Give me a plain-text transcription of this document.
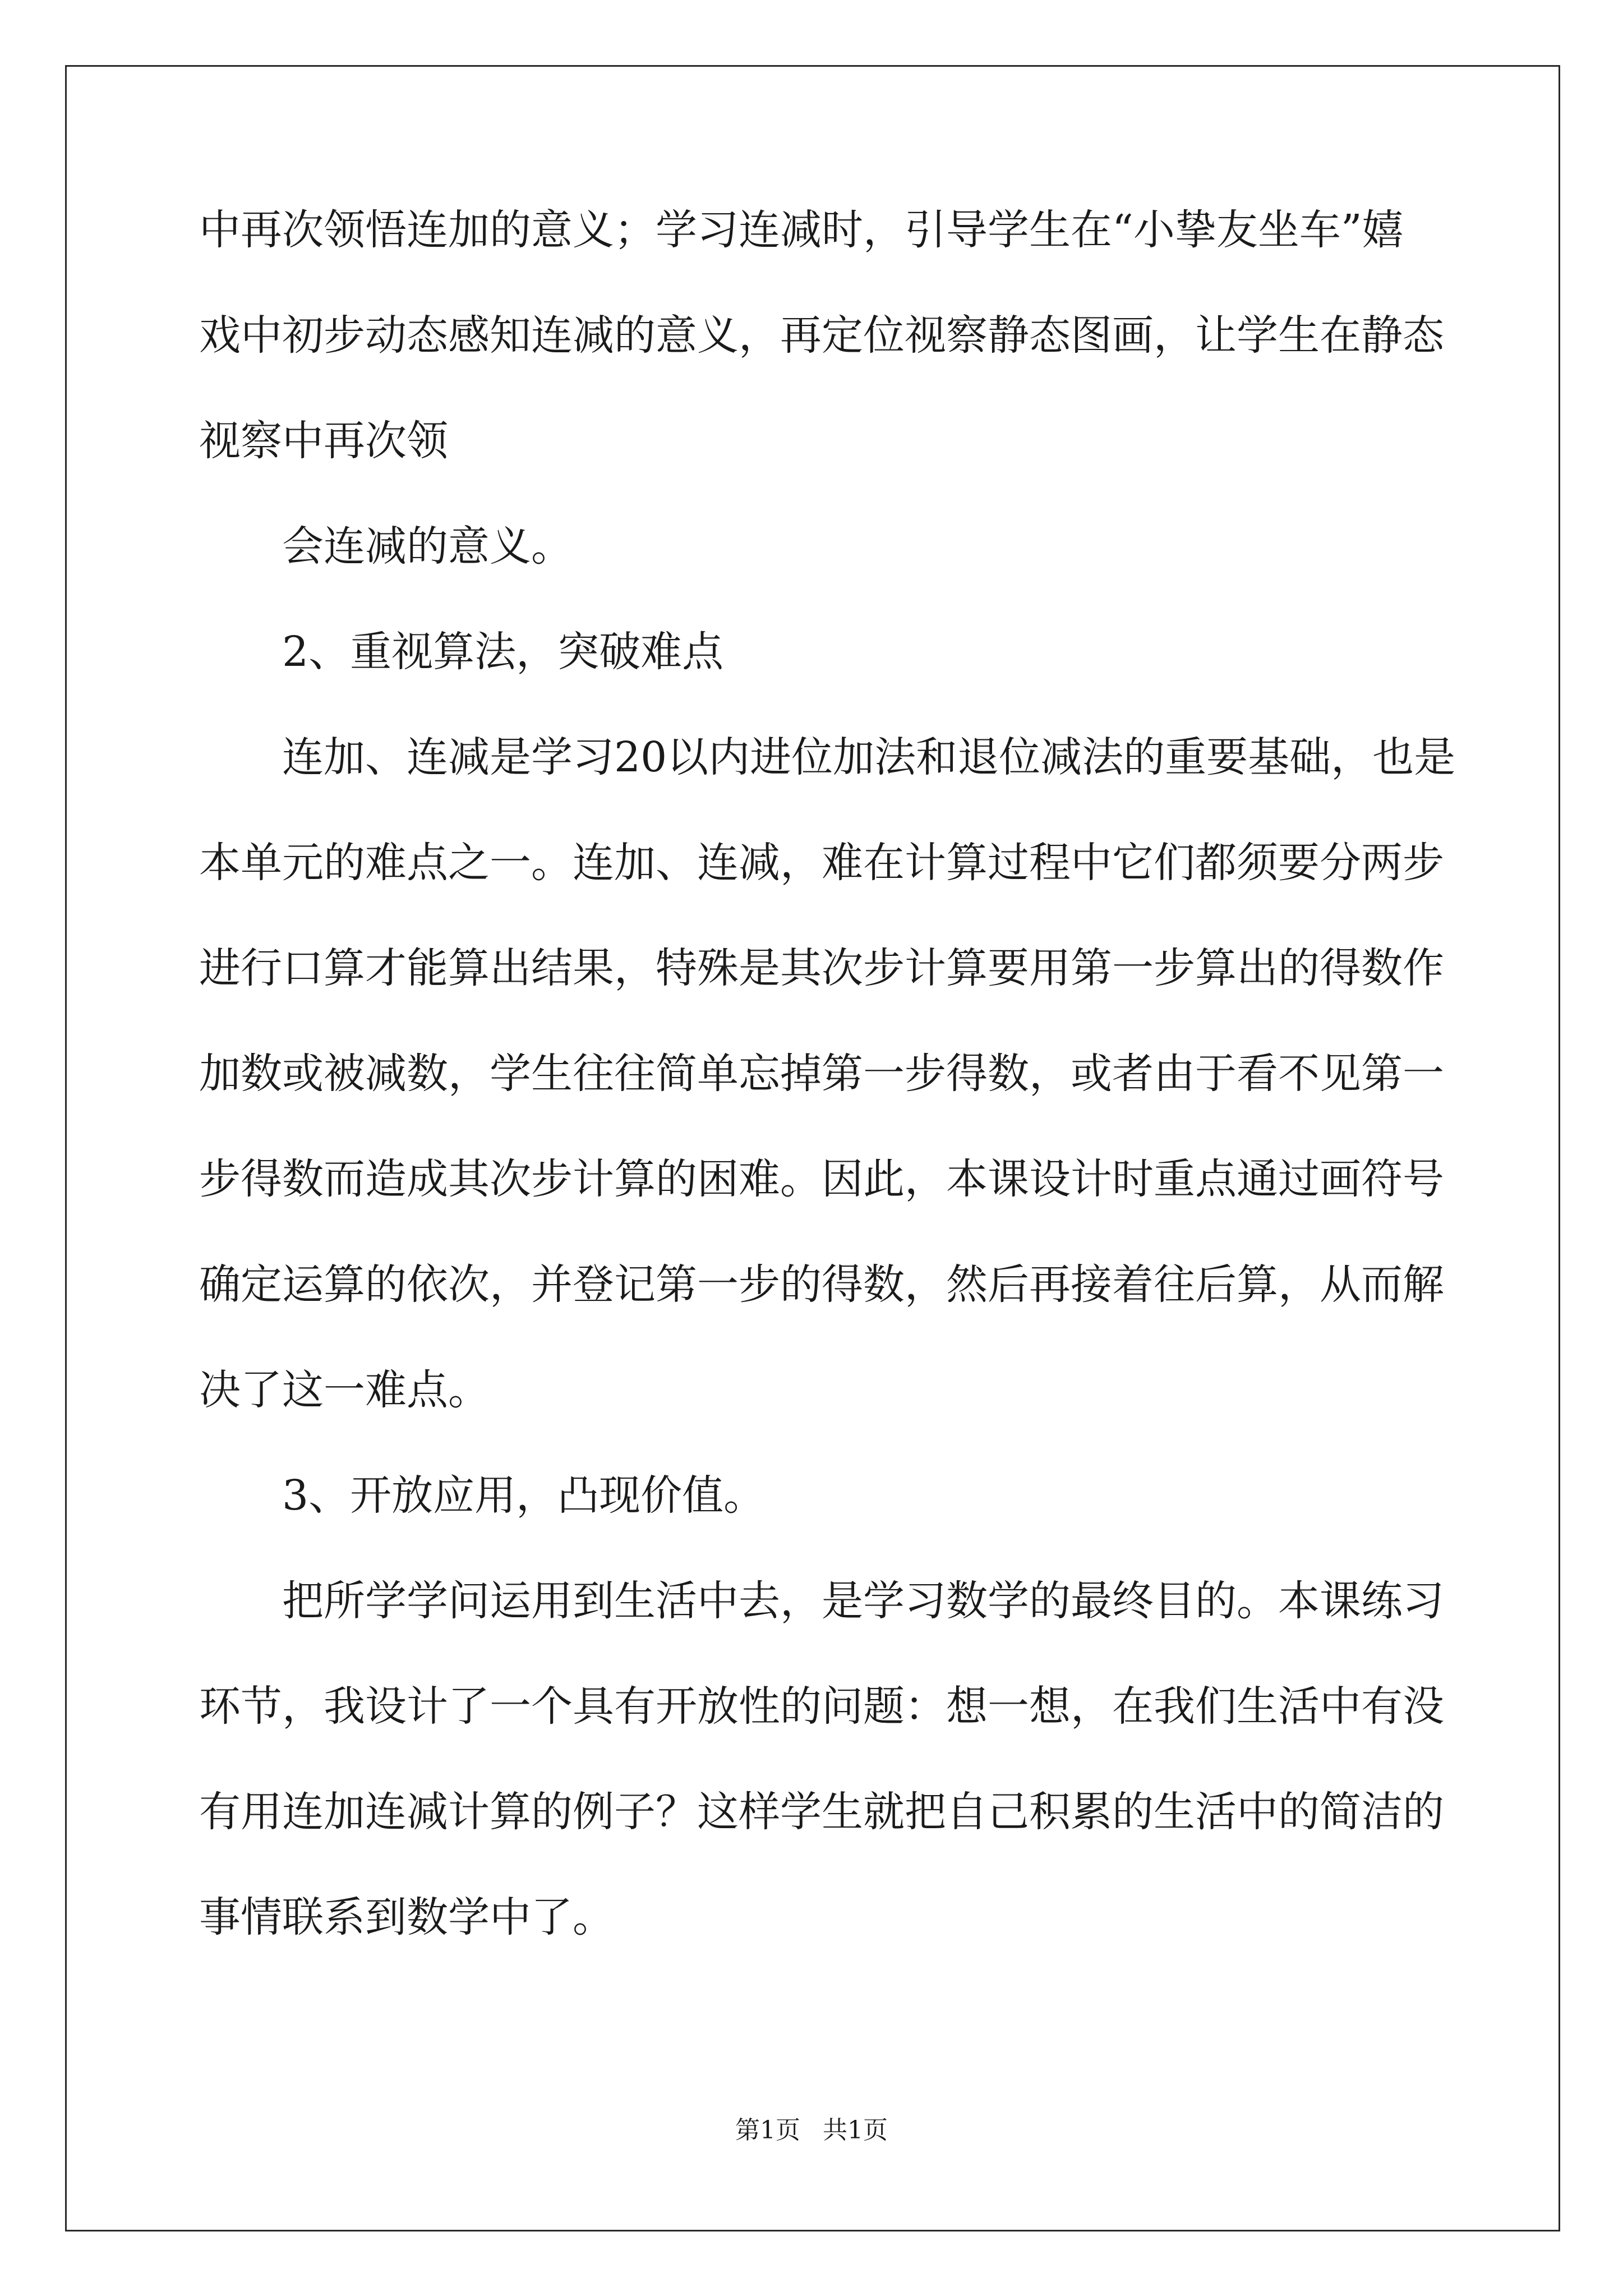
中再次领悟连加的意义；学习连减时，引导学生在“小挚友坐车”嬉
戏中初步动态感知连减的意义，再定位视察静态图画，让学生在静态
视察中再次领
会连减的意义。
2、重视算法，突破难点
连加、连减是学习20以内进位加法和退位减法的重要基础，也是
本单元的难点之一。连加、连减，难在计算过程中它们都须要分两步
进行口算才能算出结果，特殊是其次步计算要用第一步算出的得数作
加数或被减数，学生往往简单忘掉第一步得数，或者由于看不见第一
步得数而造成其次步计算的困难。因此，本课设计时重点通过画符号
确定运算的依次，并登记第一步的得数，然后再接着往后算，从而解
决了这一难点。
3、开放应用，凸现价值。
把所学学问运用到生活中去，是学习数学的最终目的。本课练习
环节，我设计了一个具有开放性的问题：想一想，在我们生活中有没
有用连加连减计算的例子？这样学生就把自己积累的生活中的简洁的
事情联系到数学中了。
第1页 共1页
